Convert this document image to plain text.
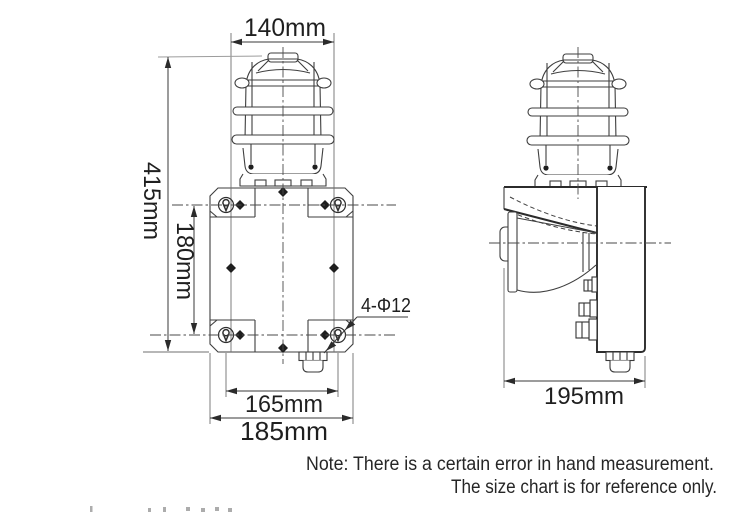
140mm
415mm
180mm
165mm
185mm
4-Φ12
195mm
Note: There is a certain error in hand measurement.
The size chart is for reference only.
